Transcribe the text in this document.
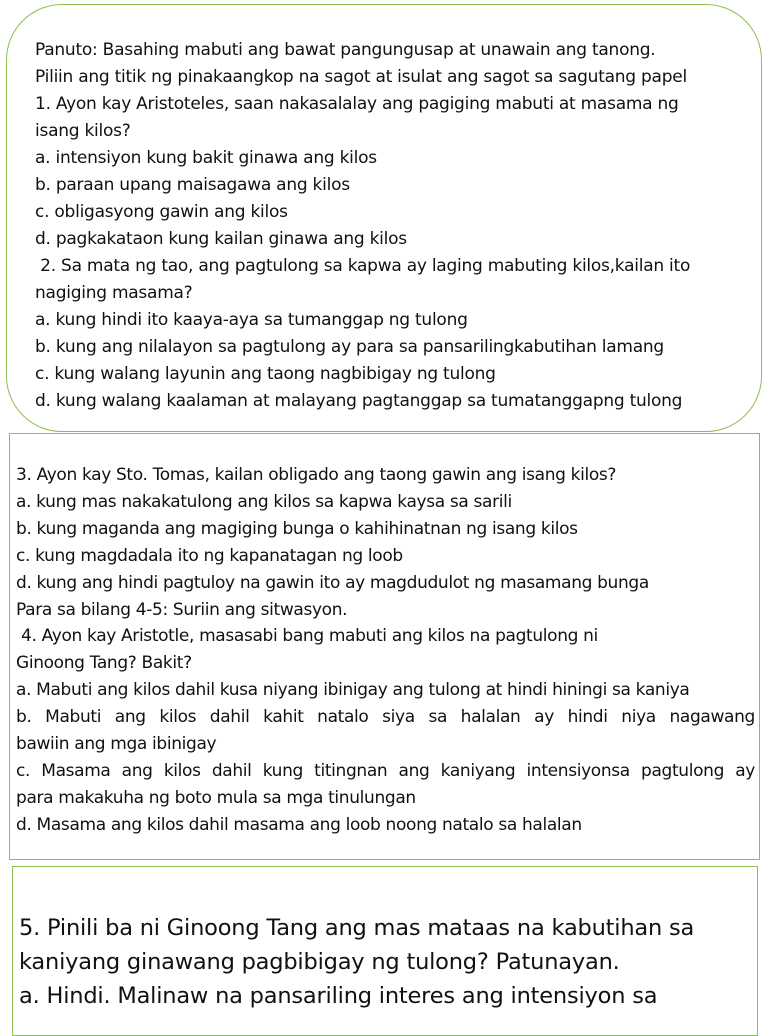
Panuto: Basahing mabuti ang bawat pangungusap at unawain ang tanong.
Piliin ang titik ng pinakaangkop na sagot at isulat ang sagot sa sagutang papel
1. Ayon kay Aristoteles, saan nakasalalay ang pagiging mabuti at masama ng
isang kilos?
a. intensiyon kung bakit ginawa ang kilos
b. paraan upang maisagawa ang kilos
c. obligasyong gawin ang kilos
d. pagkakataon kung kailan ginawa ang kilos
2. Sa mata ng tao, ang pagtulong sa kapwa ay laging mabuting kilos,kailan ito
nagiging masama?
a. kung hindi ito kaaya-aya sa tumanggap ng tulong
b. kung ang nilalayon sa pagtulong ay para sa pansarilingkabutihan lamang
c. kung walang layunin ang taong nagbibigay ng tulong
d. kung walang kaalaman at malayang pagtanggap sa tumatanggapng tulong
3. Ayon kay Sto. Tomas, kailan obligado ang taong gawin ang isang kilos?
a. kung mas nakakatulong ang kilos sa kapwa kaysa sa sarili
b. kung maganda ang magiging bunga o kahihinatnan ng isang kilos
c. kung magdadala ito ng kapanatagan ng loob
d. kung ang hindi pagtuloy na gawin ito ay magdudulot ng masamang bunga
Para sa bilang 4-5: Suriin ang sitwasyon.
4. Ayon kay Aristotle, masasabi bang mabuti ang kilos na pagtulong ni
Ginoong Tang? Bakit?
a. Mabuti ang kilos dahil kusa niyang ibinigay ang tulong at hindi hiningi sa kaniya
b. Mabuti ang kilos dahil kahit natalo siya sa halalan ay hindi niya nagawang
bawiin ang mga ibinigay
c. Masama ang kilos dahil kung titingnan ang kaniyang intensiyonsa pagtulong ay
para makakuha ng boto mula sa mga tinulungan
d. Masama ang kilos dahil masama ang loob noong natalo sa halalan
5. Pinili ba ni Ginoong Tang ang mas mataas na kabutihan sa
kaniyang ginawang pagbibigay ng tulong? Patunayan.
a. Hindi. Malinaw na pansariling interes ang intensiyon sa
